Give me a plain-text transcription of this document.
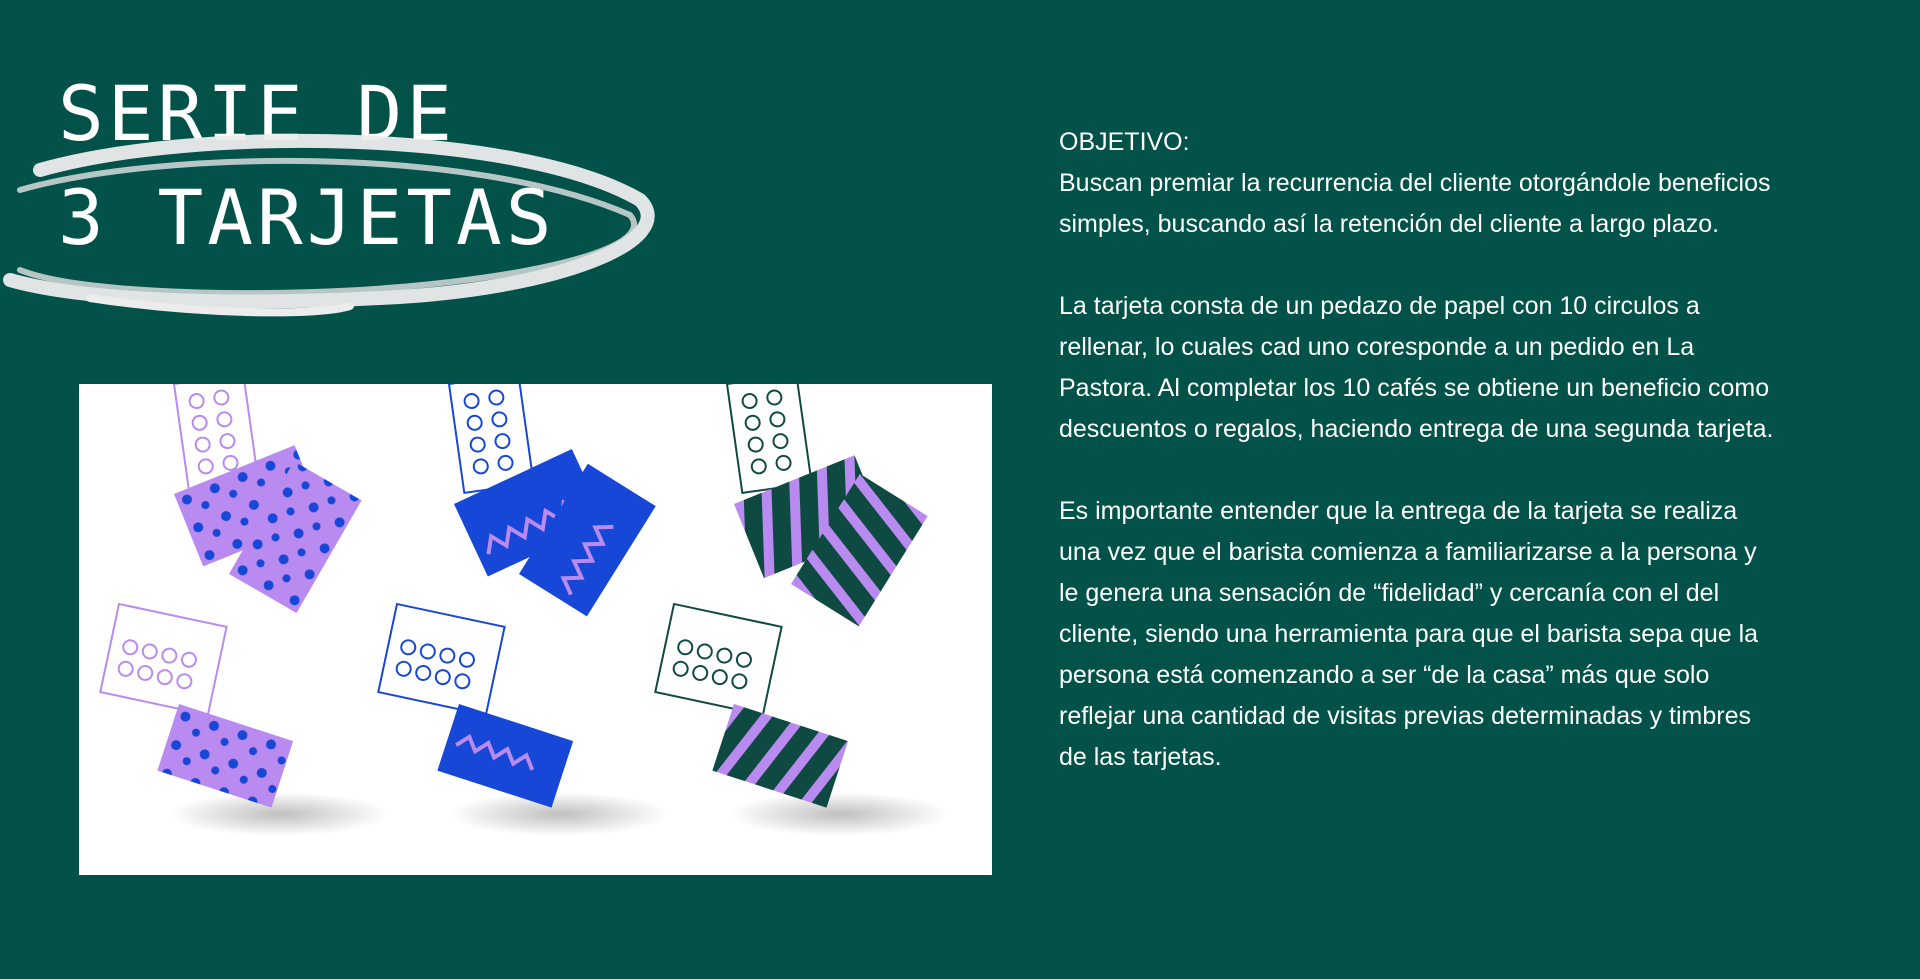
SERIE DE
3 TARJETAS

OBJETIVO:
Buscan premiar la recurrencia del cliente otorgándole beneficios simples, buscando así la retención del cliente a largo plazo.

La tarjeta consta de un pedazo de papel con 10 circulos a rellenar, lo cuales cad uno coresponde a un pedido en La Pastora. Al completar los 10 cafés se obtiene un beneficio como descuentos o regalos, haciendo entrega de una segunda tarjeta.

Es importante entender que la entrega de la tarjeta se realiza una vez que el barista comienza a familiarizarse a la persona y le genera una sensación de “fidelidad” y cercanía con el del cliente, siendo una herramienta para que el barista sepa que la persona está comenzando a ser “de la casa” más que solo reflejar una cantidad de visitas previas determinadas y timbres de las tarjetas.
